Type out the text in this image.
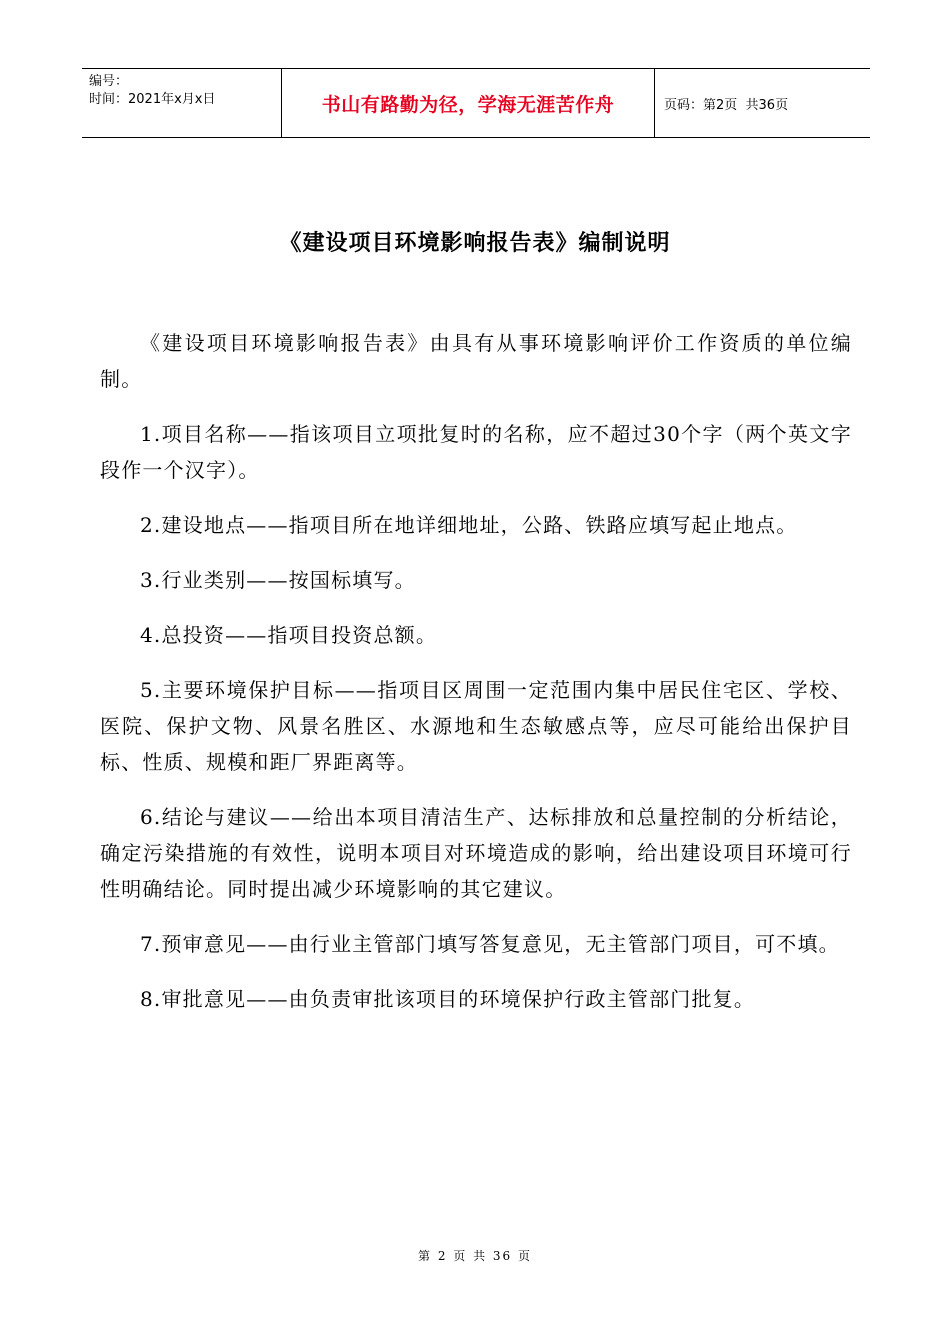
编号：
时间：2021年x月x日	书山有路勤为径，学海无涯苦作舟	页码：第2页  共36页
《建设项目环境影响报告表》编制说明

《建设项目环境影响报告表》由具有从事环境影响评价工作资质的单位编制。

1.项目名称——指该项目立项批复时的名称，应不超过30个字（两个英文字段作一个汉字）。

2.建设地点——指项目所在地详细地址，公路、铁路应填写起止地点。

3.行业类别——按国标填写。

4.总投资——指项目投资总额。

5.主要环境保护目标——指项目区周围一定范围内集中居民住宅区、学校、医院、保护文物、风景名胜区、水源地和生态敏感点等，应尽可能给出保护目标、性质、规模和距厂界距离等。

6.结论与建议——给出本项目清洁生产、达标排放和总量控制的分析结论，确定污染措施的有效性，说明本项目对环境造成的影响，给出建设项目环境可行性明确结论。同时提出减少环境影响的其它建议。

7.预审意见——由行业主管部门填写答复意见，无主管部门项目，可不填。

8.审批意见——由负责审批该项目的环境保护行政主管部门批复。

第 2 页 共 36 页
